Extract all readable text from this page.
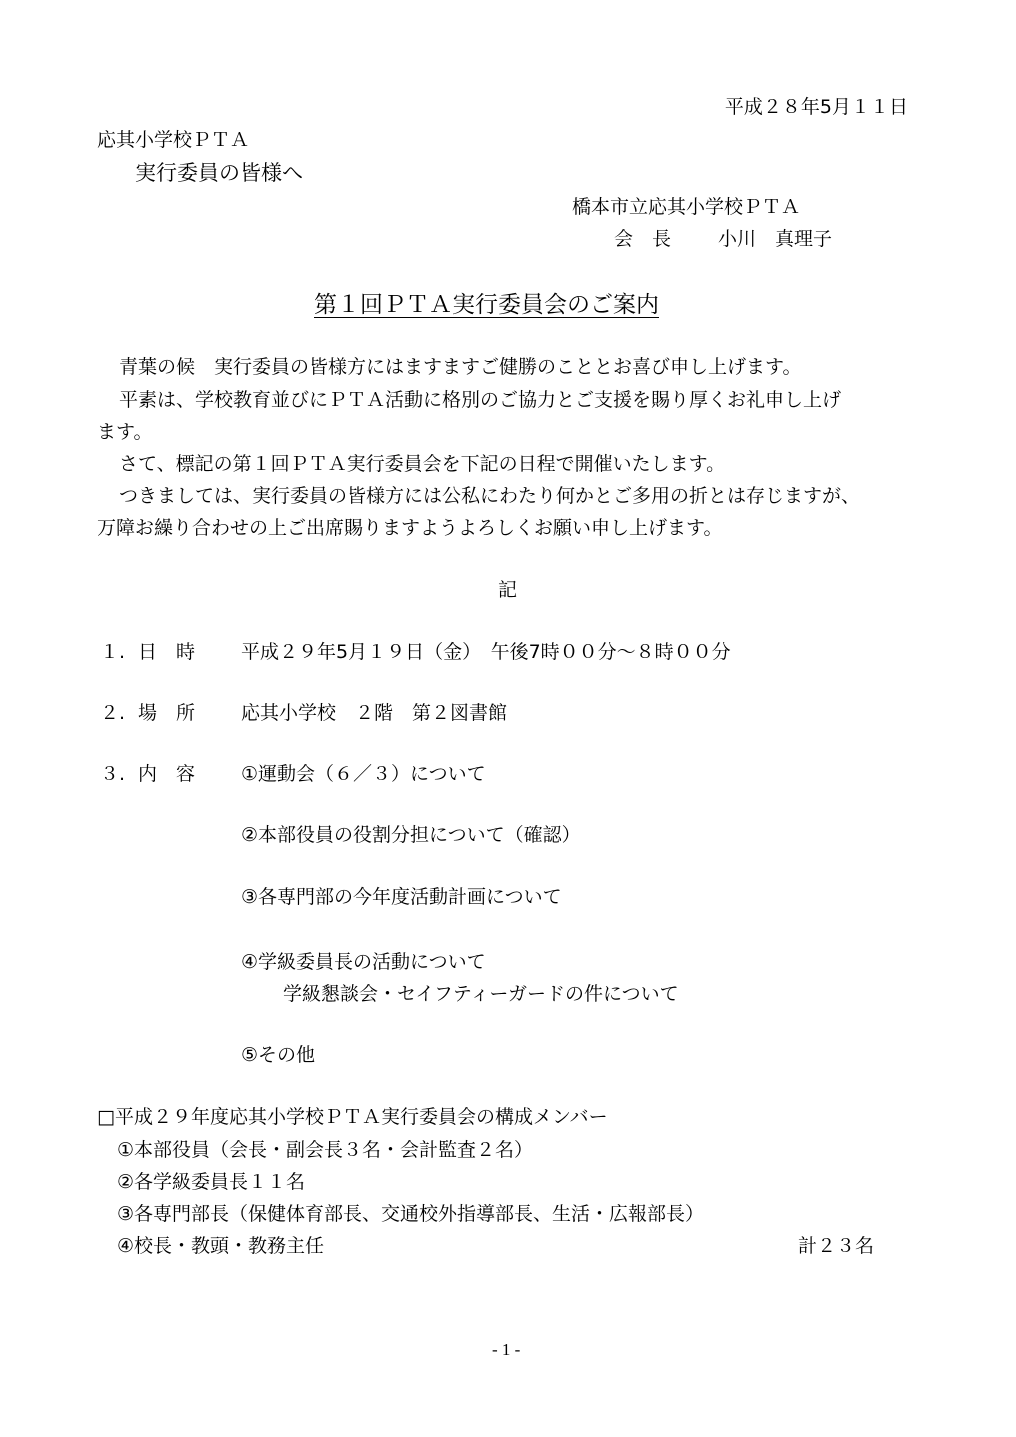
平成２８年5月１１日
応其小学校ＰＴＡ
実行委員の皆様へ
橋本市立応其小学校ＰＴＡ
会　長 小川　真理子
第１回ＰＴＡ実行委員会のご案内
青葉の候　実行委員の皆様方にはますますご健勝のこととお喜び申し上げます。
平素は、学校教育並びにＰＴＡ活動に格別のご協力とご支援を賜り厚くお礼申し上げ
ます。
さて、標記の第１回ＰＴＡ実行委員会を下記の日程で開催いたします。
つきましては、実行委員の皆様方には公私にわたり何かとご多用の折とは存じますが、
万障お繰り合わせの上ご出席賜りますようよろしくお願い申し上げます。
記
１. 日　時 平成２９年5月１９日（金）　午後7時００分～８時００分
２. 場　所 応其小学校　２階　第２図書館
３. 内　容 ①運動会（６／３）について
②本部役員の役割分担について（確認）
③各専門部の今年度活動計画について
④学級委員長の活動について
学級懇談会・セイフティーガードの件について
⑤その他
□平成２９年度応其小学校ＰＴＡ実行委員会の構成メンバー
①本部役員（会長・副会長３名・会計監査２名）
②各学級委員長１１名
③各専門部長（保健体育部長、交通校外指導部長、生活・広報部長）
④校長・教頭・教務主任	計２３名
- 1 -
